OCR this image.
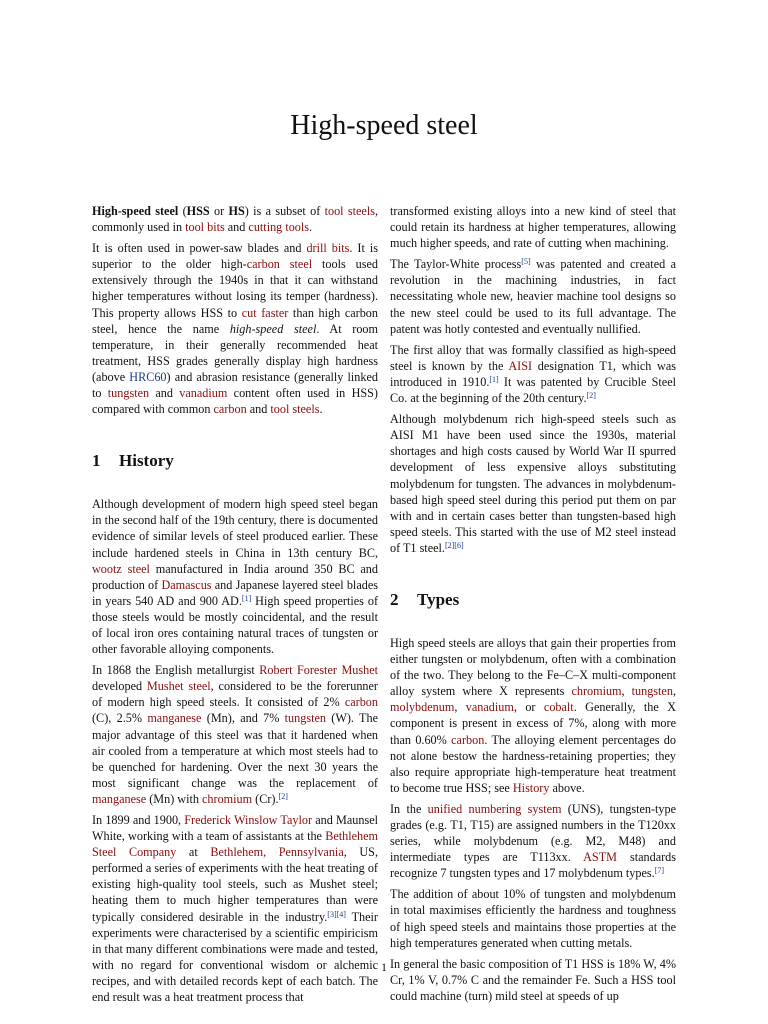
High-speed steel

High-speed steel (HSS or HS) is a subset of tool steels, commonly used in tool bits and cutting tools.

It is often used in power-saw blades and drill bits. It is superior to the older high-carbon steel tools used extensively through the 1940s in that it can withstand higher temperatures without losing its temper (hardness). This property allows HSS to cut faster than high carbon steel, hence the name high-speed steel. At room temperature, in their generally recommended heat treatment, HSS grades generally display high hardness (above HRC60) and abrasion resistance (generally linked to tungsten and vanadium content often used in HSS) compared with common carbon and tool steels.

1 History

Although development of modern high speed steel began in the second half of the 19th century, there is documented evidence of similar levels of steel produced earlier. These include hardened steels in China in 13th century BC, wootz steel manufactured in India around 350 BC and production of Damascus and Japanese layered steel blades in years 540 AD and 900 AD.[1] High speed properties of those steels would be mostly coincidental, and the result of local iron ores containing natural traces of tungsten or other favorable alloying components.

In 1868 the English metallurgist Robert Forester Mushet developed Mushet steel, considered to be the forerunner of modern high speed steels. It consisted of 2% carbon (C), 2.5% manganese (Mn), and 7% tungsten (W). The major advantage of this steel was that it hardened when air cooled from a temperature at which most steels had to be quenched for hardening. Over the next 30 years the most significant change was the replacement of manganese (Mn) with chromium (Cr).[2]

In 1899 and 1900, Frederick Winslow Taylor and Maunsel White, working with a team of assistants at the Bethlehem Steel Company at Bethlehem, Pennsylvania, US, performed a series of experiments with the heat treating of existing high-quality tool steels, such as Mushet steel; heating them to much higher temperatures than were typically considered desirable in the industry.[3][4] Their experiments were characterised by a scientific empiricism in that many different combinations were made and tested, with no regard for conventional wisdom or alchemic recipes, and with detailed records kept of each batch. The end result was a heat treatment process that

transformed existing alloys into a new kind of steel that could retain its hardness at higher temperatures, allowing much higher speeds, and rate of cutting when machining.

The Taylor-White process[5] was patented and created a revolution in the machining industries, in fact necessitating whole new, heavier machine tool designs so the new steel could be used to its full advantage. The patent was hotly contested and eventually nullified.

The first alloy that was formally classified as high-speed steel is known by the AISI designation T1, which was introduced in 1910.[1] It was patented by Crucible Steel Co. at the beginning of the 20th century.[2]

Although molybdenum rich high-speed steels such as AISI M1 have been used since the 1930s, material shortages and high costs caused by World War II spurred development of less expensive alloys substituting molybdenum for tungsten. The advances in molybdenum-based high speed steel during this period put them on par with and in certain cases better than tungsten-based high speed steels. This started with the use of M2 steel instead of T1 steel.[2][6]

2 Types

High speed steels are alloys that gain their properties from either tungsten or molybdenum, often with a combination of the two. They belong to the Fe–C–X multi-component alloy system where X represents chromium, tungsten, molybdenum, vanadium, or cobalt. Generally, the X component is present in excess of 7%, along with more than 0.60% carbon. The alloying element percentages do not alone bestow the hardness-retaining properties; they also require appropriate high-temperature heat treatment to become true HSS; see History above.

In the unified numbering system (UNS), tungsten-type grades (e.g. T1, T15) are assigned numbers in the T120xx series, while molybdenum (e.g. M2, M48) and intermediate types are T113xx. ASTM standards recognize 7 tungsten types and 17 molybdenum types.[7]

The addition of about 10% of tungsten and molybdenum in total maximises efficiently the hardness and toughness of high speed steels and maintains those properties at the high temperatures generated when cutting metals.

In general the basic composition of T1 HSS is 18% W, 4% Cr, 1% V, 0.7% C and the remainder Fe. Such a HSS tool could machine (turn) mild steel at speeds of up

1
